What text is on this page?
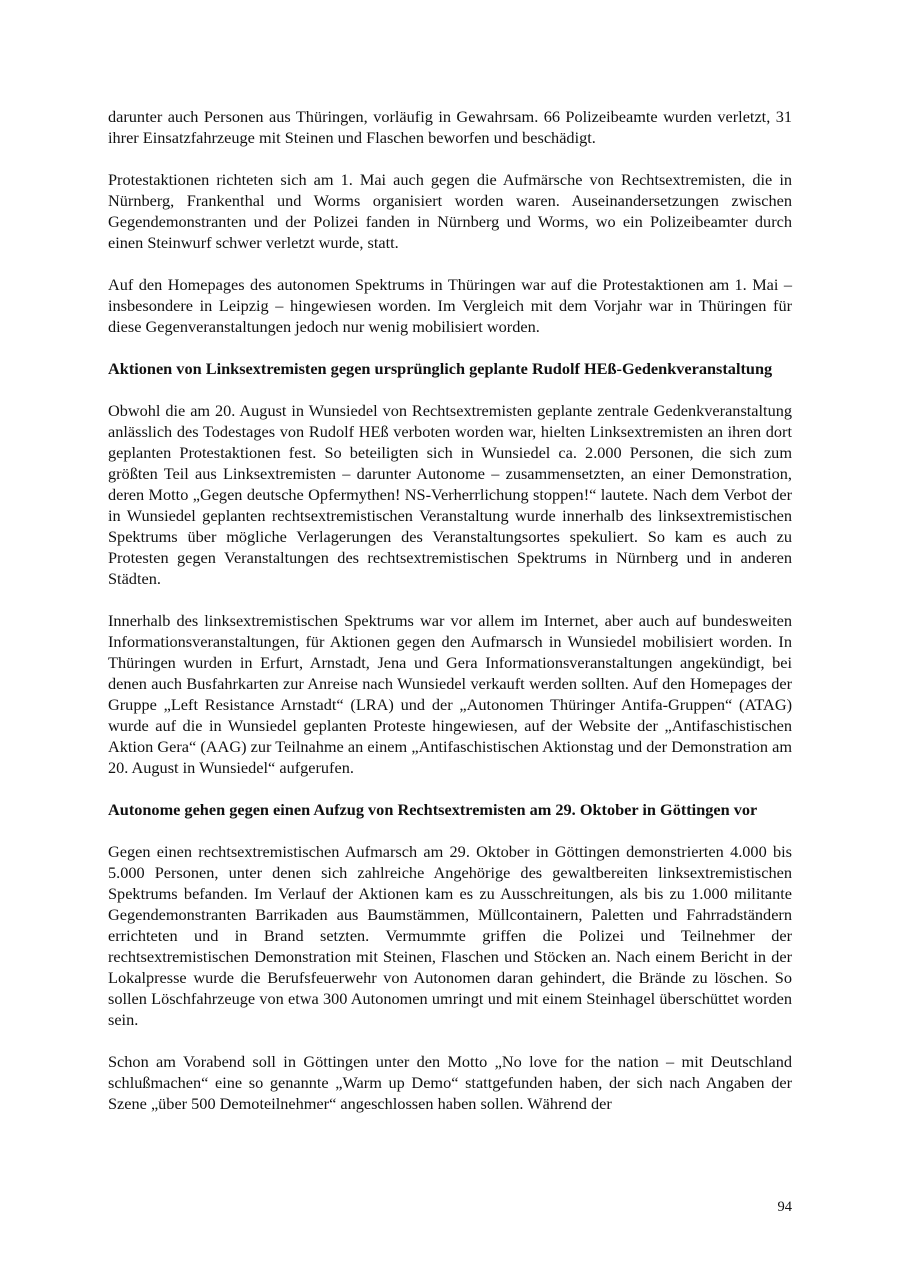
darunter auch Personen aus Thüringen, vorläufig in Gewahrsam. 66 Polizeibeamte wurden verletzt, 31 ihrer Einsatzfahrzeuge mit Steinen und Flaschen beworfen und beschädigt.

Protestaktionen richteten sich am 1. Mai auch gegen die Aufmärsche von Rechtsextremisten, die in Nürnberg, Frankenthal und Worms organisiert worden waren. Auseinandersetzungen zwischen Gegendemonstranten und der Polizei fanden in Nürnberg und Worms, wo ein Polizeibeamter durch einen Steinwurf schwer verletzt wurde, statt.

Auf den Homepages des autonomen Spektrums in Thüringen war auf die Protestaktionen am 1. Mai – insbesondere in Leipzig – hingewiesen worden. Im Vergleich mit dem Vorjahr war in Thüringen für diese Gegenveranstaltungen jedoch nur wenig mobilisiert worden.

Aktionen von Linksextremisten gegen ursprünglich geplante Rudolf HEß-Gedenkveranstaltung

Obwohl die am 20. August in Wunsiedel von Rechtsextremisten geplante zentrale Gedenkveranstaltung anlässlich des Todestages von Rudolf HEß verboten worden war, hielten Linksextremisten an ihren dort geplanten Protestaktionen fest. So beteiligten sich in Wunsiedel ca. 2.000 Personen, die sich zum größten Teil aus Linksextremisten – darunter Autonome – zusammensetzten, an einer Demonstration, deren Motto „Gegen deutsche Opfermythen! NS-Verherrlichung stoppen!“ lautete. Nach dem Verbot der in Wunsiedel geplanten rechtsextremistischen Veranstaltung wurde innerhalb des linksextremistischen Spektrums über mögliche Verlagerungen des Veranstaltungsortes spekuliert. So kam es auch zu Protesten gegen Veranstaltungen des rechtsextremistischen Spektrums in Nürnberg und in anderen Städten.

Innerhalb des linksextremistischen Spektrums war vor allem im Internet, aber auch auf bundesweiten Informationsveranstaltungen, für Aktionen gegen den Aufmarsch in Wunsiedel mobilisiert worden. In Thüringen wurden in Erfurt, Arnstadt, Jena und Gera Informationsveranstaltungen angekündigt, bei denen auch Busfahrkarten zur Anreise nach Wunsiedel verkauft werden sollten. Auf den Homepages der Gruppe „Left Resistance Arnstadt“ (LRA) und der „Autonomen Thüringer Antifa-Gruppen“ (ATAG) wurde auf die in Wunsiedel geplanten Proteste hingewiesen, auf der Website der „Antifaschistischen Aktion Gera“ (AAG) zur Teilnahme an einem „Antifaschistischen Aktionstag und der Demonstration am 20. August in Wunsiedel“ aufgerufen.

Autonome gehen gegen einen Aufzug von Rechtsextremisten am 29. Oktober in Göttingen vor

Gegen einen rechtsextremistischen Aufmarsch am 29. Oktober in Göttingen demonstrierten 4.000 bis 5.000 Personen, unter denen sich zahlreiche Angehörige des gewaltbereiten linksextremistischen Spektrums befanden. Im Verlauf der Aktionen kam es zu Ausschreitungen, als bis zu 1.000 militante Gegendemonstranten Barrikaden aus Baumstämmen, Müllcontainern, Paletten und Fahrradständern errichteten und in Brand setzten. Vermummte griffen die Polizei und Teilnehmer der rechtsextremistischen Demonstration mit Steinen, Flaschen und Stöcken an. Nach einem Bericht in der Lokalpresse wurde die Berufsfeuerwehr von Autonomen daran gehindert, die Brände zu löschen. So sollen Löschfahrzeuge von etwa 300 Autonomen umringt und mit einem Steinhagel überschüttet worden sein.

Schon am Vorabend soll in Göttingen unter den Motto „No love for the nation – mit Deutschland schlußmachen“ eine so genannte „Warm up Demo“ stattgefunden haben, der sich nach Angaben der Szene „über 500 Demoteilnehmer“ angeschlossen haben sollen. Während der

94
